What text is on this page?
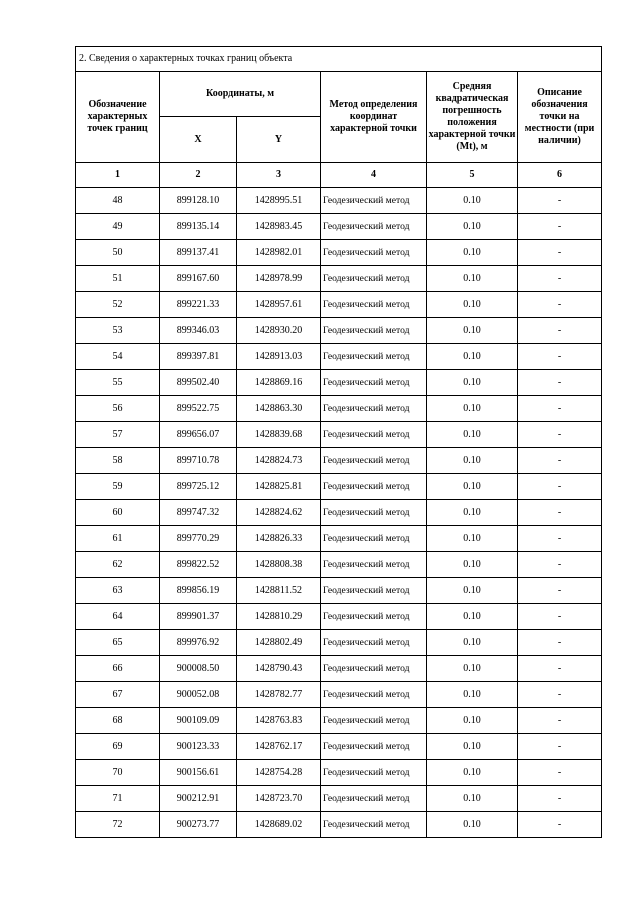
2. Сведения о характерных точках границ объекта					
Обозначение характерных точек границ	Координаты, м		Метод определения координат характерной точки	Средняя квадратическая погрешность положения характерной точки (Mt), м	Описание обозначения точки на местности (при наличии)
	X	Y			
1	2	3	4	5	6
48	899128.10	1428995.51	Геодезический метод	0.10	-
49	899135.14	1428983.45	Геодезический метод	0.10	-
50	899137.41	1428982.01	Геодезический метод	0.10	-
51	899167.60	1428978.99	Геодезический метод	0.10	-
52	899221.33	1428957.61	Геодезический метод	0.10	-
53	899346.03	1428930.20	Геодезический метод	0.10	-
54	899397.81	1428913.03	Геодезический метод	0.10	-
55	899502.40	1428869.16	Геодезический метод	0.10	-
56	899522.75	1428863.30	Геодезический метод	0.10	-
57	899656.07	1428839.68	Геодезический метод	0.10	-
58	899710.78	1428824.73	Геодезический метод	0.10	-
59	899725.12	1428825.81	Геодезический метод	0.10	-
60	899747.32	1428824.62	Геодезический метод	0.10	-
61	899770.29	1428826.33	Геодезический метод	0.10	-
62	899822.52	1428808.38	Геодезический метод	0.10	-
63	899856.19	1428811.52	Геодезический метод	0.10	-
64	899901.37	1428810.29	Геодезический метод	0.10	-
65	899976.92	1428802.49	Геодезический метод	0.10	-
66	900008.50	1428790.43	Геодезический метод	0.10	-
67	900052.08	1428782.77	Геодезический метод	0.10	-
68	900109.09	1428763.83	Геодезический метод	0.10	-
69	900123.33	1428762.17	Геодезический метод	0.10	-
70	900156.61	1428754.28	Геодезический метод	0.10	-
71	900212.91	1428723.70	Геодезический метод	0.10	-
72	900273.77	1428689.02	Геодезический метод	0.10	-
